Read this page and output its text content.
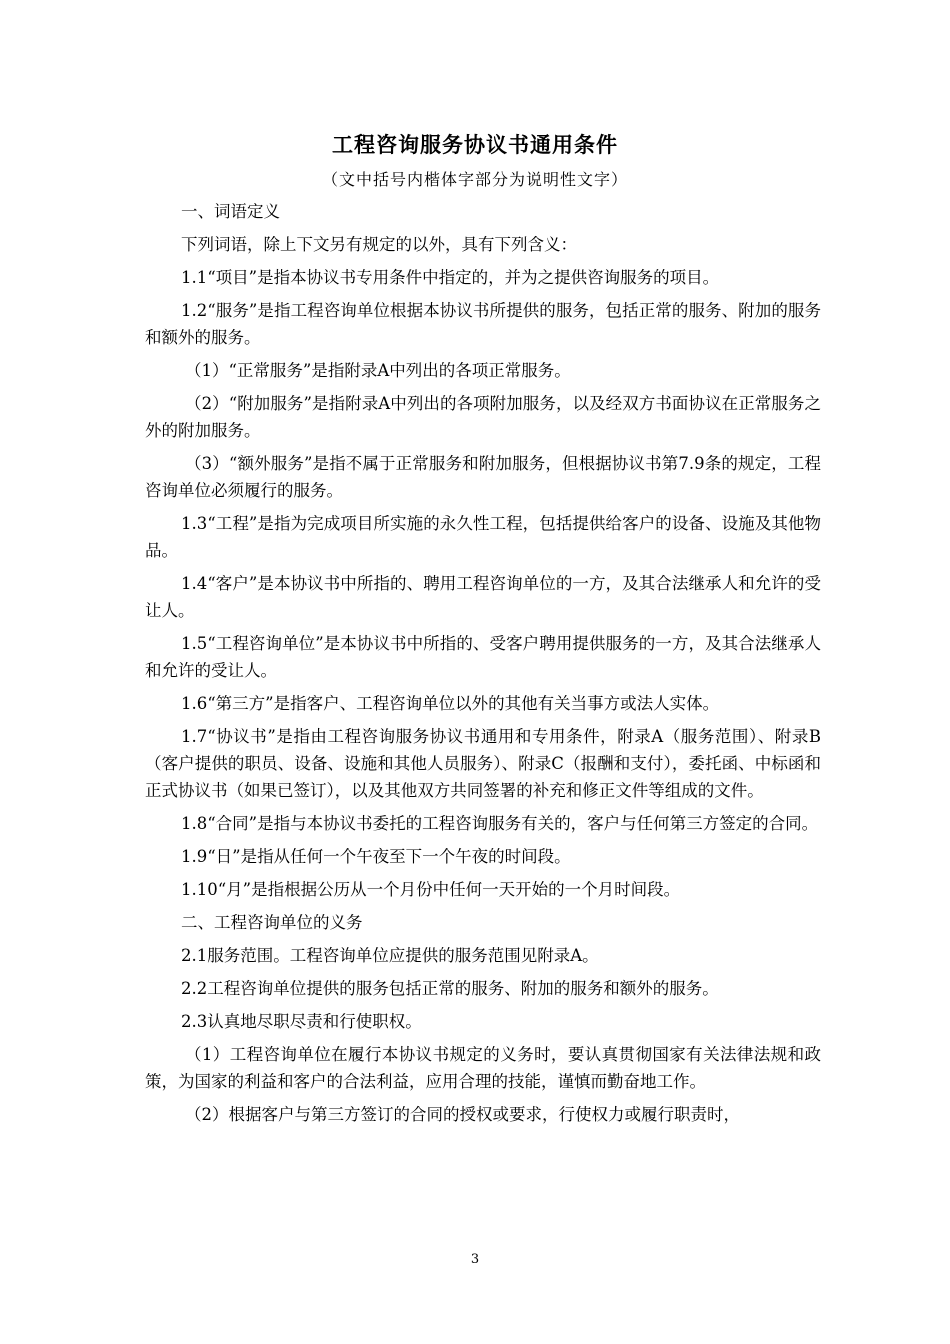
工程咨询服务协议书通用条件
（文中括号内楷体字部分为说明性文字）

一、词语定义

下列词语，除上下文另有规定的以外，具有下列含义：

1.1“项目”是指本协议书专用条件中指定的，并为之提供咨询服务的项目。

1.2“服务”是指工程咨询单位根据本协议书所提供的服务，包括正常的服务、附加的服务和额外的服务。

（1）“正常服务”是指附录A中列出的各项正常服务。

（2）“附加服务”是指附录A中列出的各项附加服务，以及经双方书面协议在正常服务之外的附加服务。

（3）“额外服务”是指不属于正常服务和附加服务，但根据协议书第7.9条的规定，工程咨询单位必须履行的服务。

1.3“工程”是指为完成项目所实施的永久性工程，包括提供给客户的设备、设施及其他物品。

1.4“客户”是本协议书中所指的、聘用工程咨询单位的一方，及其合法继承人和允许的受让人。

1.5“工程咨询单位”是本协议书中所指的、受客户聘用提供服务的一方，及其合法继承人和允许的受让人。

1.6“第三方”是指客户、工程咨询单位以外的其他有关当事方或法人实体。

1.7“协议书”是指由工程咨询服务协议书通用和专用条件，附录A（服务范围）、附录B（客户提供的职员、设备、设施和其他人员服务）、附录C（报酬和支付），委托函、中标函和正式协议书（如果已签订），以及其他双方共同签署的补充和修正文件等组成的文件。

1.8“合同”是指与本协议书委托的工程咨询服务有关的，客户与任何第三方签定的合同。

1.9“日”是指从任何一个午夜至下一个午夜的时间段。

1.10“月”是指根据公历从一个月份中任何一天开始的一个月时间段。

二、工程咨询单位的义务

2.1服务范围。工程咨询单位应提供的服务范围见附录A。

2.2工程咨询单位提供的服务包括正常的服务、附加的服务和额外的服务。

2.3认真地尽职尽责和行使职权。

（1）工程咨询单位在履行本协议书规定的义务时，要认真贯彻国家有关法律法规和政策，为国家的利益和客户的合法利益，应用合理的技能，谨慎而勤奋地工作。

（2）根据客户与第三方签订的合同的授权或要求，行使权力或履行职责时，

3
